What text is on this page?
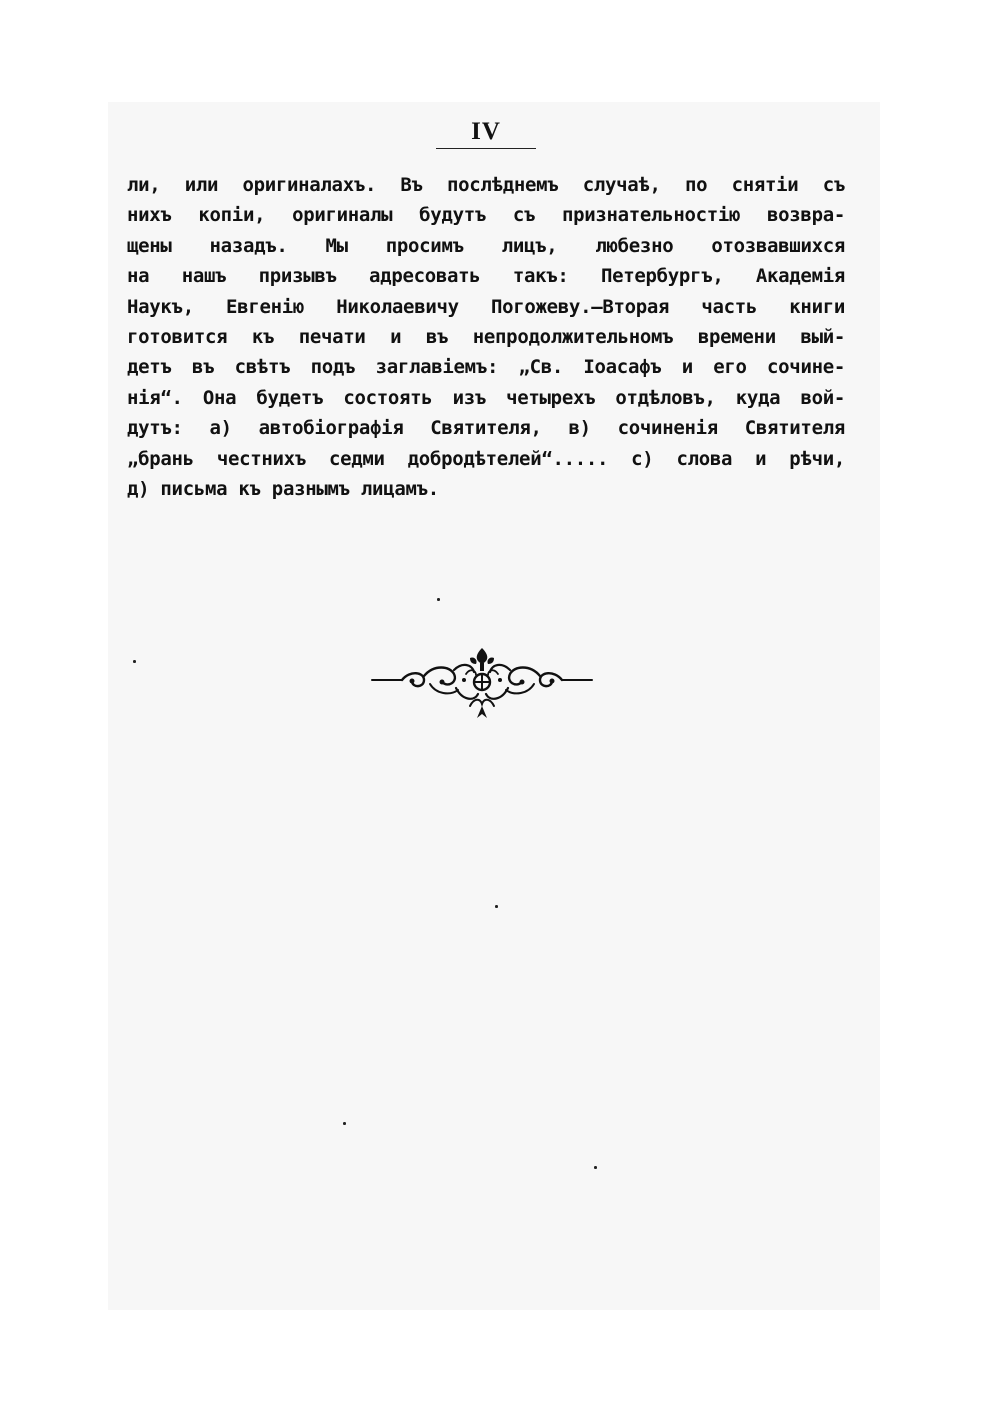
IV
ли, или оригиналахъ. Въ послѣднемъ случаѣ, по снятіи съ
нихъ копіи, оригиналы будутъ съ признательностію возвра-
щены назадъ. Мы просимъ лицъ, любезно отозвавшихся
на нашъ призывъ адресовать такъ: Петербургъ, Академія
Наукъ, Евгенію Николаевичу Погожеву.—Вторая часть книги
готовится къ печати и въ непродолжительномъ времени вый-
детъ въ свѣтъ подъ заглавіемъ: „Св. Іоасафъ и его сочине-
нія“. Она будетъ состоять изъ четырехъ отдѣловъ, куда вой-
дутъ: а) автобіографія Святителя, в) сочиненія Святителя
„брань честнихъ седми добродѣтелей“..... с) слова и рѣчи,
д) письма къ разнымъ лицамъ.
